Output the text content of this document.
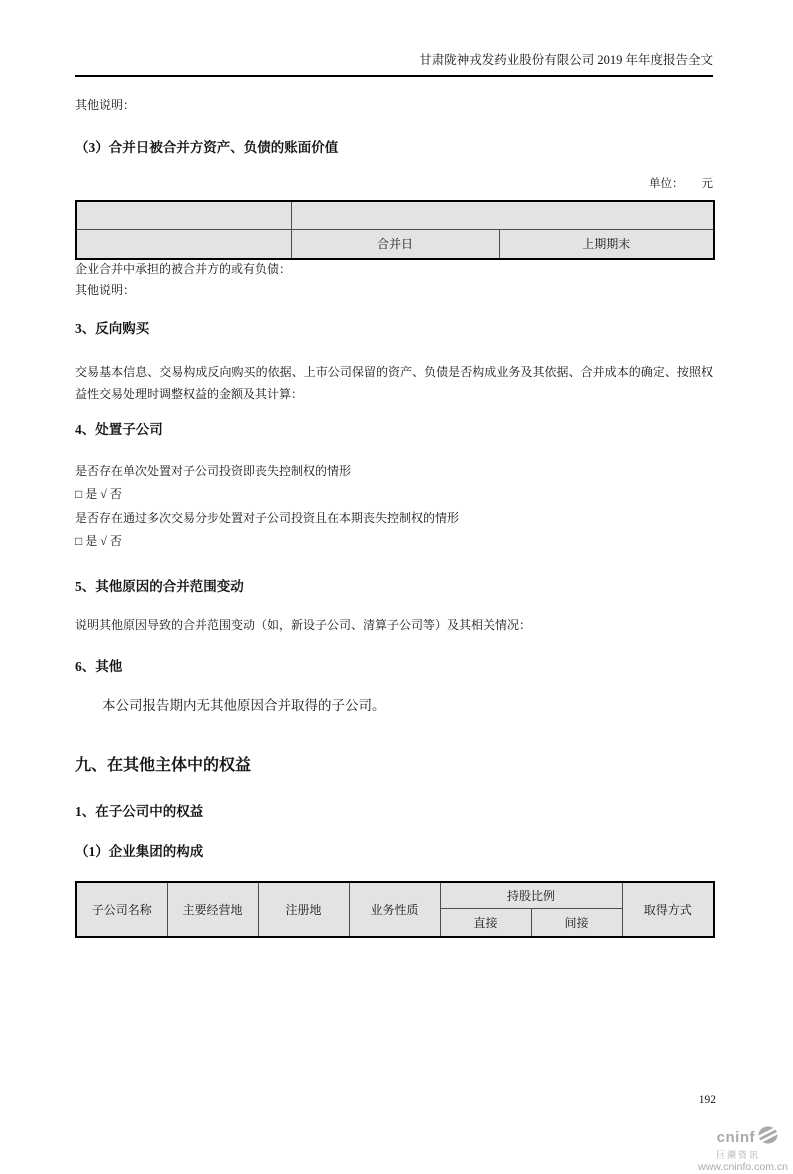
甘肃陇神戎发药业股份有限公司 2019 年年度报告全文
其他说明：
（3）合并日被合并方资产、负债的账面价值
单位： 元

	合并日	上期期末
企业合并中承担的被合并方的或有负债：
其他说明：
3、反向购买
交易基本信息、交易构成反向购买的依据、上市公司保留的资产、负债是否构成业务及其依据、合并成本的确定、按照权益性交易处理时调整权益的金额及其计算：
4、处置子公司
是否存在单次处置对子公司投资即丧失控制权的情形
□ 是 √ 否
是否存在通过多次交易分步处置对子公司投资且在本期丧失控制权的情形
□ 是 √ 否
5、其他原因的合并范围变动
说明其他原因导致的合并范围变动（如，新设子公司、清算子公司等）及其相关情况：
6、其他
本公司报告期内无其他原因合并取得的子公司。
九、在其他主体中的权益
1、在子公司中的权益
（1）企业集团的构成
子公司名称	主要经营地	注册地	业务性质	持股比例		取得方式
				直接	间接	
192
cninf
巨潮资讯
www.cninfo.com.cn
